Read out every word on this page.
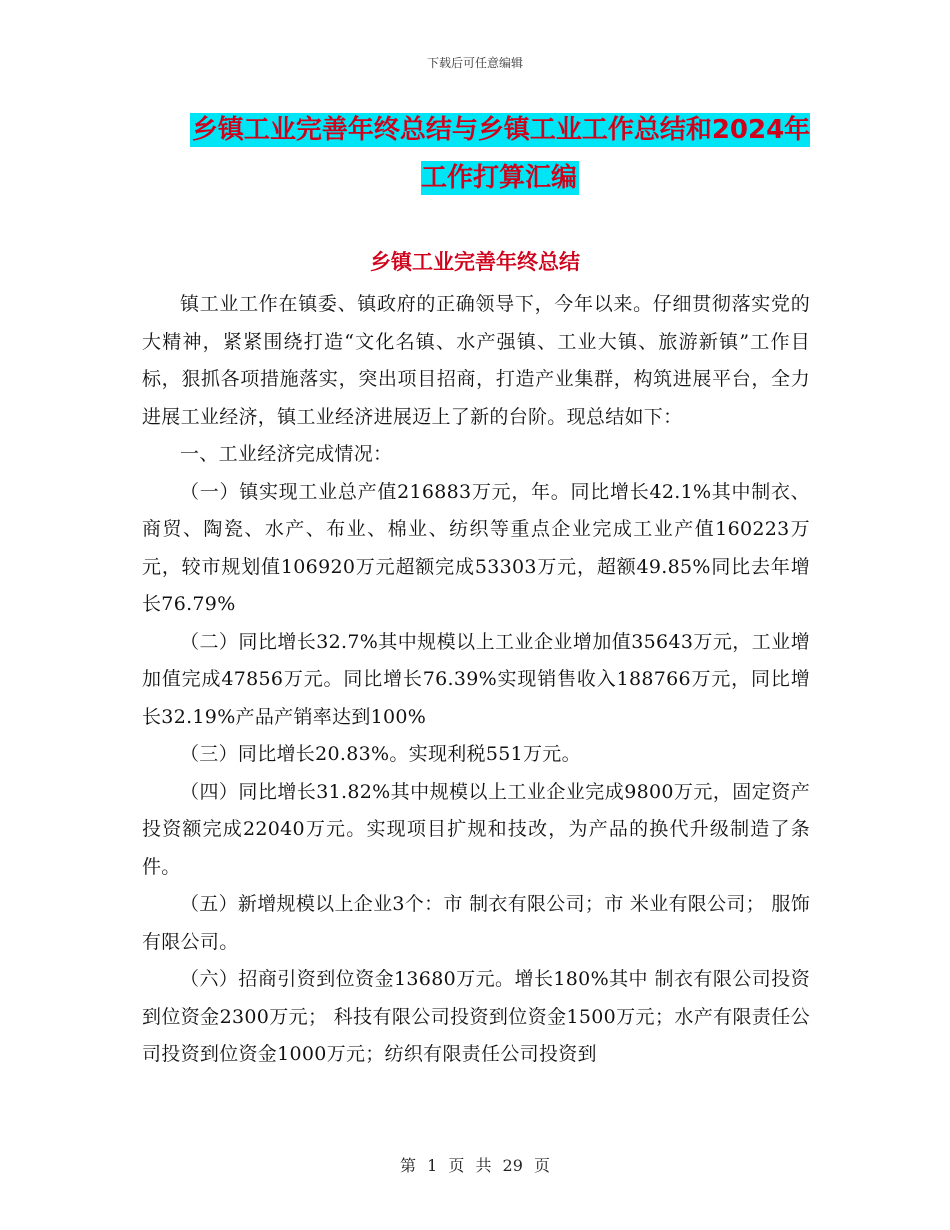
下载后可任意编辑
乡镇工业完善年终总结与乡镇工业工作总结和2024年工作打算汇编
乡镇工业完善年终总结

镇工业工作在镇委、镇政府的正确领导下，今年以来。仔细贯彻落实党的大精神，紧紧围绕打造“文化名镇、水产强镇、工业大镇、旅游新镇”工作目标，狠抓各项措施落实，突出项目招商，打造产业集群，构筑进展平台，全力进展工业经济，镇工业经济进展迈上了新的台阶。现总结如下：

一、工业经济完成情况：

（一）镇实现工业总产值216883万元，年。同比增长42.1%其中制衣、商贸、陶瓷、水产、布业、棉业、纺织等重点企业完成工业产值160223万元，较市规划值106920万元超额完成53303万元，超额49.85%同比去年增长76.79%

（二）同比增长32.7%其中规模以上工业企业增加值35643万元，工业增加值完成47856万元。同比增长76.39%实现销售收入188766万元，同比增长32.19%产品产销率达到100%

（三）同比增长20.83%。实现利税551万元。

（四）同比增长31.82%其中规模以上工业企业完成9800万元，固定资产投资额完成22040万元。实现项目扩规和技改，为产品的换代升级制造了条件。

（五）新增规模以上企业3个：市 制衣有限公司；市 米业有限公司； 服饰有限公司。

（六）招商引资到位资金13680万元。增长180%其中 制衣有限公司投资到位资金2300万元； 科技有限公司投资到位资金1500万元；水产有限责任公司投资到位资金1000万元；纺织有限责任公司投资到

第 1 页 共 29 页
